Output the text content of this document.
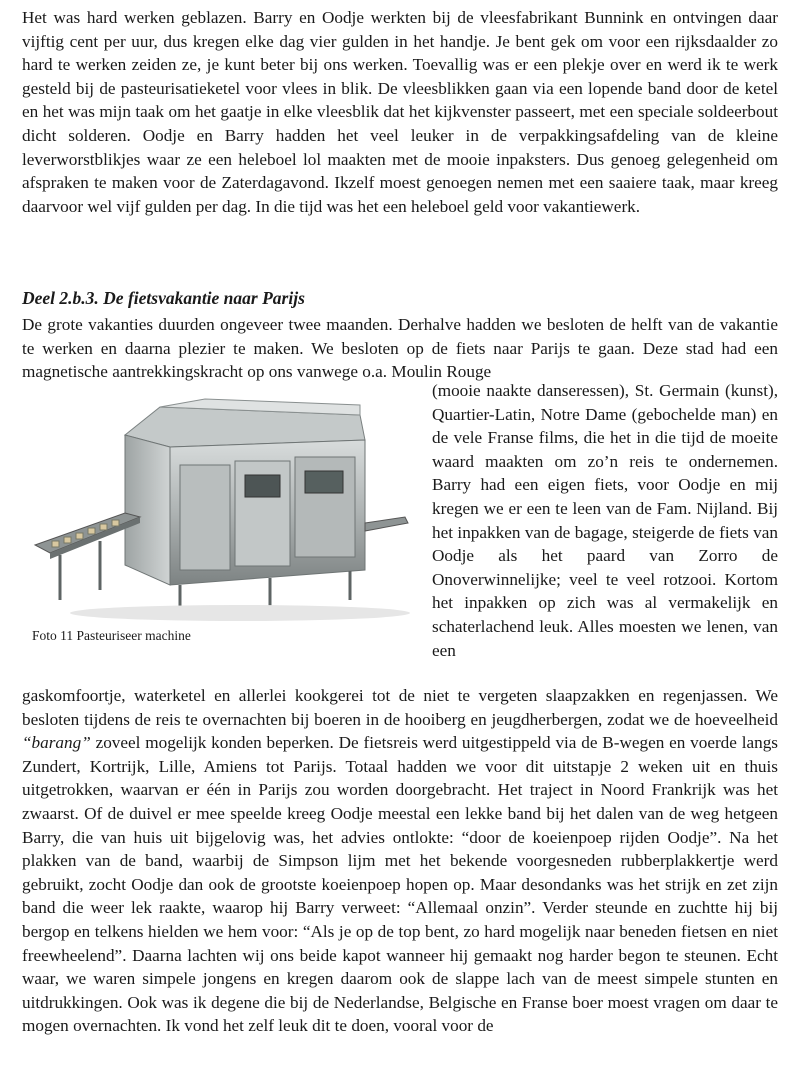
Het was hard werken geblazen. Barry en Oodje werkten bij de vleesfabrikant Bunnink en ontvingen daar vijftig cent per uur, dus kregen elke dag vier gulden in het handje. Je bent gek om voor een rijksdaalder zo hard te werken zeiden ze, je kunt beter bij ons werken. Toevallig was er een plekje over en werd ik te werk gesteld bij de pasteurisatieketel voor vlees in blik. De vleesblikken gaan via een lopende band door de ketel en het was mijn taak om het gaatje in elke vleesblik dat het kijkvenster passeert, met een speciale soldeerbout dicht solderen. Oodje en Barry hadden het veel leuker in de verpakkingsafdeling van de kleine leverworstblikjes waar ze een heleboel lol maakten met de mooie inpaksters. Dus genoeg gelegenheid om afspraken te maken voor de Zaterdagavond. Ikzelf moest genoegen nemen met een saaiere taak, maar kreeg daarvoor wel vijf gulden per dag. In die tijd was het een heleboel geld voor vakantiewerk.

Deel 2.b.3. De fietsvakantie naar Parijs

De grote vakanties duurden ongeveer twee maanden. Derhalve hadden we besloten de helft van de vakantie te werken en daarna plezier te maken. We besloten op de fiets naar Parijs te gaan. Deze stad had een magnetische aantrekkingskracht op ons vanwege o.a. Moulin Rouge

Foto 11 Pasteuriseer machine

(mooie naakte danseressen), St. Germain (kunst), Quartier-Latin, Notre Dame (gebochelde man) en de vele Franse films, die het in die tijd de moeite waard maakten om zo’n reis te ondernemen. Barry had een eigen fiets, voor Oodje en mij kregen we er een te leen van de Fam. Nijland. Bij het inpakken van de bagage, steigerde de fiets van Oodje als het paard van Zorro de Onoverwinnelijke; veel te veel rotzooi. Kortom het inpakken op zich was al vermakelijk en schaterlachend leuk. Alles moesten we lenen, van een

gaskomfoortje, waterketel en allerlei kookgerei tot de niet te vergeten slaapzakken en regenjassen. We besloten tijdens de reis te overnachten bij boeren in de hooiberg en jeugdherbergen, zodat we de hoeveelheid “barang” zoveel mogelijk konden beperken. De fietsreis werd uitgestippeld via de B-wegen en voerde langs Zundert, Kortrijk, Lille, Amiens tot Parijs. Totaal hadden we voor dit uitstapje 2 weken uit en thuis uitgetrokken, waarvan er één in Parijs zou worden doorgebracht. Het traject in Noord Frankrijk was het zwaarst. Of de duivel er mee speelde kreeg Oodje meestal een lekke band bij het dalen van de weg hetgeen Barry, die van huis uit bijgelovig was, het advies ontlokte: “door de koeienpoep rijden Oodje”. Na het plakken van de band, waarbij de Simpson lijm met het bekende voorgesneden rubberplakkertje werd gebruikt, zocht Oodje dan ook de grootste koeienpoep hopen op. Maar desondanks was het strijk en zet zijn band die weer lek raakte, waarop hij Barry verweet: “Allemaal onzin”. Verder steunde en zuchtte hij bij bergop en telkens hielden we hem voor: “Als je op de top bent, zo hard mogelijk naar beneden fietsen en niet freewheelend”. Daarna lachten wij ons beide kapot wanneer hij gemaakt nog harder begon te steunen. Echt waar, we waren simpele jongens en kregen daarom ook de slappe lach van de meest simpele stunten en uitdrukkingen. Ook was ik degene die bij de Nederlandse, Belgische en Franse boer moest vragen om daar te mogen overnachten. Ik vond het zelf leuk dit te doen, vooral voor de
